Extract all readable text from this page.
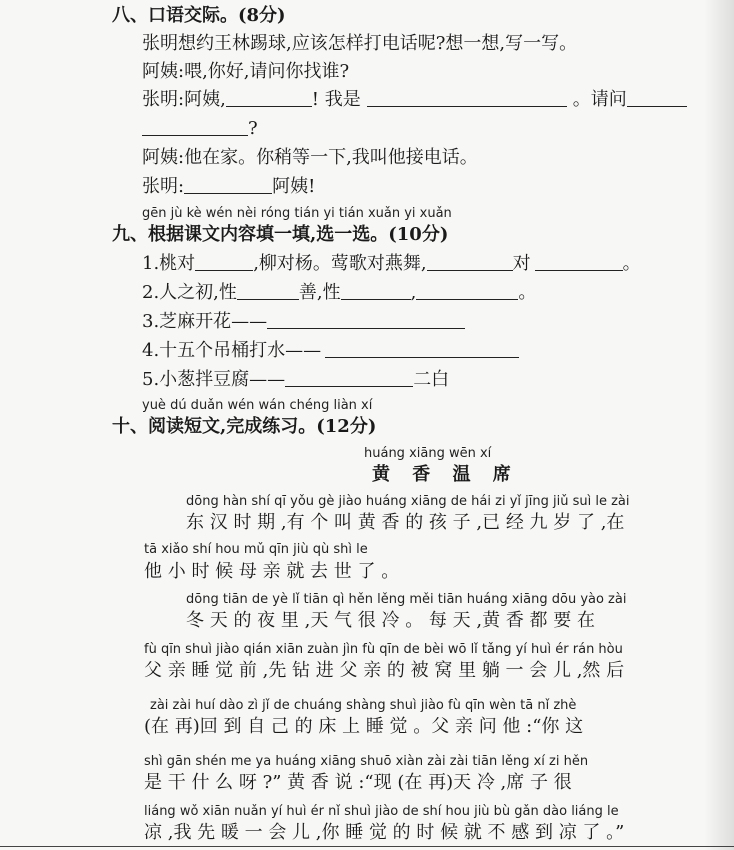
八、口语交际。(8分)
张明想约王林踢球,应该怎样打电话呢?想一想,写一写。
阿姨:喂,你好,请问你找谁?
张明:阿姨,	! 我是	。请问
?
阿姨:他在家。你稍等一下,我叫他接电话。
张明:	阿姨!
gēn jù kè wén nèi róng tián yi tián xuǎn yi xuǎn
九、根据课文内容填一填,选一选。(10分)
1.桃对	,柳对杨。莺歌对燕舞,	对	。
2.人之初,性	善,性	,	。
3.芝麻开花——
4.十五个吊桶打水——
5.小葱拌豆腐——	二白
yuè dú duǎn wén wán chéng liàn xí
十、阅读短文,完成练习。(12分)
huáng xiāng wēn xí
黄 香 温 席
dōng hàn shí qī yǒu gè jiào huáng xiāng de hái zi yǐ jīng jiǔ suì le zài
东 汉 时 期 ,有 个 叫 黄 香 的 孩 子 ,已 经 九 岁 了 ,在
tā xiǎo shí hou mǔ qīn jiù qù shì le
他 小 时 候 母 亲 就 去 世 了 。
dōng tiān de yè lǐ tiān qì hěn lěng měi tiān huáng xiāng dōu yào zài
冬 天 的 夜 里 ,天 气 很 冷 。 每 天 ,黄 香 都 要 在
fù qīn shuì jiào qián xiān zuàn jìn fù qīn de bèi wō lǐ tǎng yí huì ér rán hòu
父 亲 睡 觉 前 ,先 钻 进 父 亲 的 被 窝 里 躺 一 会 儿 ,然 后
zài zài huí dào zì jǐ de chuáng shàng shuì jiào fù qīn wèn tā nǐ zhè
(在 再)回 到 自 己 的 床 上 睡 觉 。父 亲 问 他 :“你 这
shì gān shén me ya huáng xiāng shuō xiàn zài zài tiān lěng xí zi hěn
是 干 什 么 呀 ?” 黄 香 说 :“现 (在 再)天 冷 ,席 子 很
liáng wǒ xiān nuǎn yí huì ér nǐ shuì jiào de shí hou jiù bù gǎn dào liáng le
凉 ,我 先 暖 一 会 儿 ,你 睡 觉 的 时 候 就 不 感 到 凉 了 。”
